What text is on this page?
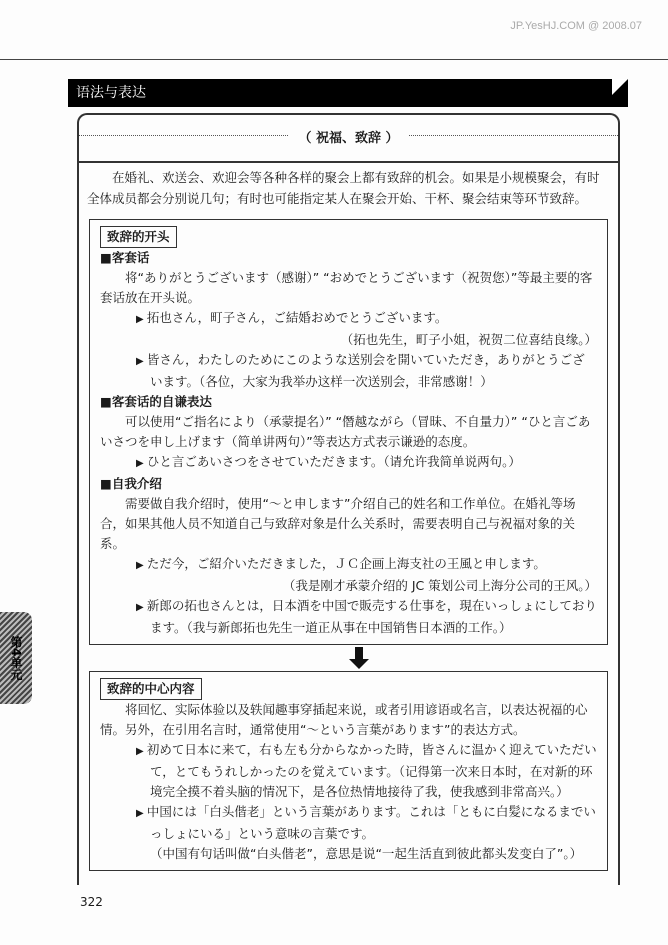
JP.YesHJ.COM @ 2008.07
语法与表达
（ 祝福、致辞 ）
在婚礼、欢送会、欢迎会等各种各样的聚会上都有致辞的机会。如果是小规模聚会，有时全体成员都会分别说几句；有时也可能指定某人在聚会开始、干杯、聚会结束等环节致辞。
致辞的开头
■ 客套话
将“ありがとうございます（感谢）” “おめでとうございます（祝贺您）”等最主要的客套话放在开头说。
▶ 拓也さん，町子さん，ご結婚おめでとうございます。
（拓也先生，町子小姐，祝贺二位喜结良缘。）
▶ 皆さん，わたしのためにこのような送别会を開いていただき，ありがとうございます。（各位，大家为我举办这样一次送别会，非常感谢！）
■ 客套话的自谦表达
可以使用“ご指名により（承蒙提名）” “僭越ながら（冒昧、不自量力）” “ひと言ごあいさつを申し上げます（简单讲两句）”等表达方式表示谦逊的态度。
▶ ひと言ごあいさつをさせていただきます。（请允许我简单说两句。）
■ 自我介绍
需要做自我介绍时，使用“～と申します”介绍自己的姓名和工作单位。在婚礼等场合，如果其他人员不知道自己与致辞对象是什么关系时，需要表明自己与祝福对象的关系。
▶ ただ今，ご紹介いただきました，ＪＣ企画上海支社の王風と申します。
（我是刚才承蒙介绍的 JC 策划公司上海分公司的王风。）
▶ 新郎の拓也さんとは，日本酒を中国で販売する仕事を，現在いっしょにしております。（我与新郎拓也先生一道正从事在中国销售日本酒的工作。）
致辞的中心内容
将回忆、实际体验以及轶闻趣事穿插起来说，或者引用谚语或名言，以表达祝福的心情。另外，在引用名言时，通常使用“～という言葉があります”的表达方式。
▶ 初めて日本に来て，右も左も分からなかった時，皆さんに温かく迎えていただいて，とてもうれしかったのを覚えています。（记得第一次来日本时，在对新的环境完全摸不着头脑的情况下，是各位热情地接待了我，使我感到非常高兴。）
▶ 中国には「白头偕老」という言葉があります。これは「ともに白髪になるまでいっしょにいる」という意味の言葉です。
（中国有句话叫做“白头偕老”，意思是说“一起生活直到彼此都头发变白了”。）
第4单元
322
